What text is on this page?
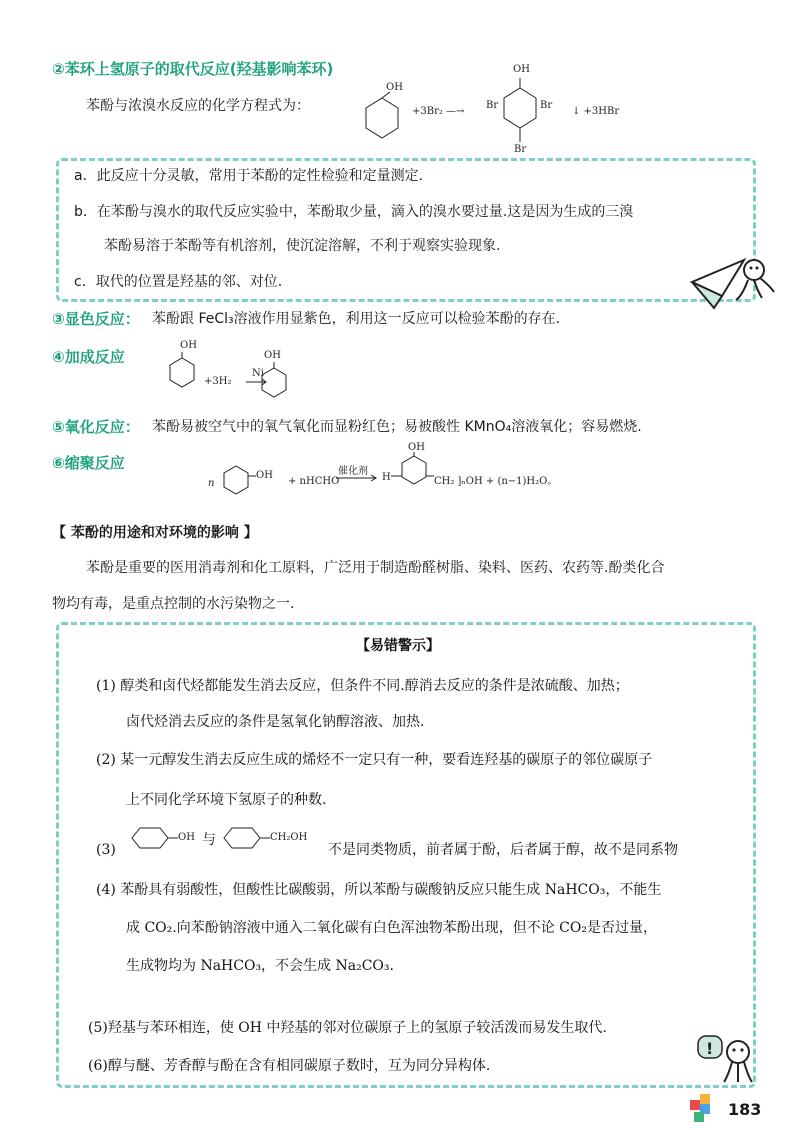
②苯环上氢原子的取代反应(羟基影响苯环)
苯酚与浓溴水反应的化学方程式为：
OH
+3Br₂ —→
OH
Br	Br
Br
↓ +3HBr
a．此反应十分灵敏，常用于苯酚的定性检验和定量测定.
b．在苯酚与溴水的取代反应实验中，苯酚取少量，滴入的溴水要过量.这是因为生成的三溴
苯酚易溶于苯酚等有机溶剂，使沉淀溶解，不利于观察实验现象.
c．取代的位置是羟基的邻、对位.
③显色反应： 苯酚跟 FeCl₃溶液作用显紫色，利用这一反应可以检验苯酚的存在.
④加成反应
OH
+3H₂
Ni
OH
⑤氧化反应： 苯酚易被空气中的氧气氧化而显粉红色；易被酸性 KMnO₄溶液氧化；容易燃烧.
⑥缩聚反应
n
OH
+ nHCHO
催化剂
H
OH
CH₂ ]ₙOH + (n−1)H₂O。
【 苯酚的用途和对环境的影响 】
苯酚是重要的医用消毒剂和化工原料，广泛用于制造酚醛树脂、染料、医药、农药等.酚类化合
物均有毒，是重点控制的水污染物之一.
【易错警示】
(1) 醇类和卤代烃都能发生消去反应，但条件不同.醇消去反应的条件是浓硫酸、加热；
卤代烃消去反应的条件是氢氧化钠醇溶液、加热.
(2) 某一元醇发生消去反应生成的烯烃不一定只有一种，要看连羟基的碳原子的邻位碳原子
上不同化学环境下氢原子的种数.
(3)
OH 与	CH₂OH
不是同类物质，前者属于酚，后者属于醇，故不是同系物
(4) 苯酚具有弱酸性，但酸性比碳酸弱，所以苯酚与碳酸钠反应只能生成 NaHCO₃，不能生
成 CO₂.向苯酚钠溶液中通入二氧化碳有白色浑浊物苯酚出现，但不论 CO₂是否过量，
生成物均为 NaHCO₃，不会生成 Na₂CO₃.
(5)羟基与苯环相连，使 OH 中羟基的邻对位碳原子上的氢原子较活泼而易发生取代.
(6)醇与醚、芳香醇与酚在含有相同碳原子数时，互为同分异构体.
!
183
